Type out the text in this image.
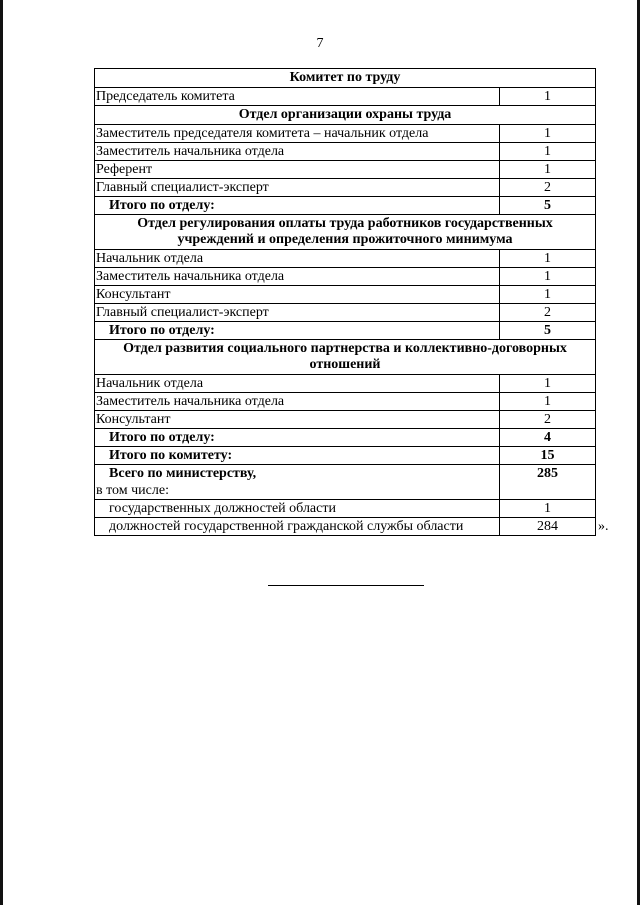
7
Комитет по труду	
Председатель комитета	1
Отдел организации охраны труда	
Заместитель председателя комитета – начальник отдела	1
Заместитель начальника отдела	1
Референт	1
Главный специалист-эксперт	2
Итого по отделу:	5
Отдел регулирования оплаты труда работников государственных учреждений и определения прожиточного минимума	
Начальник отдела	1
Заместитель начальника отдела	1
Консультант	1
Главный специалист-эксперт	2
Итого по отделу:	5
Отдел развития социального партнерства и коллективно-договорных отношений	
Начальник отдела	1
Заместитель начальника отдела	1
Консультант	2
Итого по отделу:	4
Итого по комитету:	15
Всего по министерству,	285
в том числе:	
государственных должностей области	1
должностей государственной гражданской службы области	284	».
